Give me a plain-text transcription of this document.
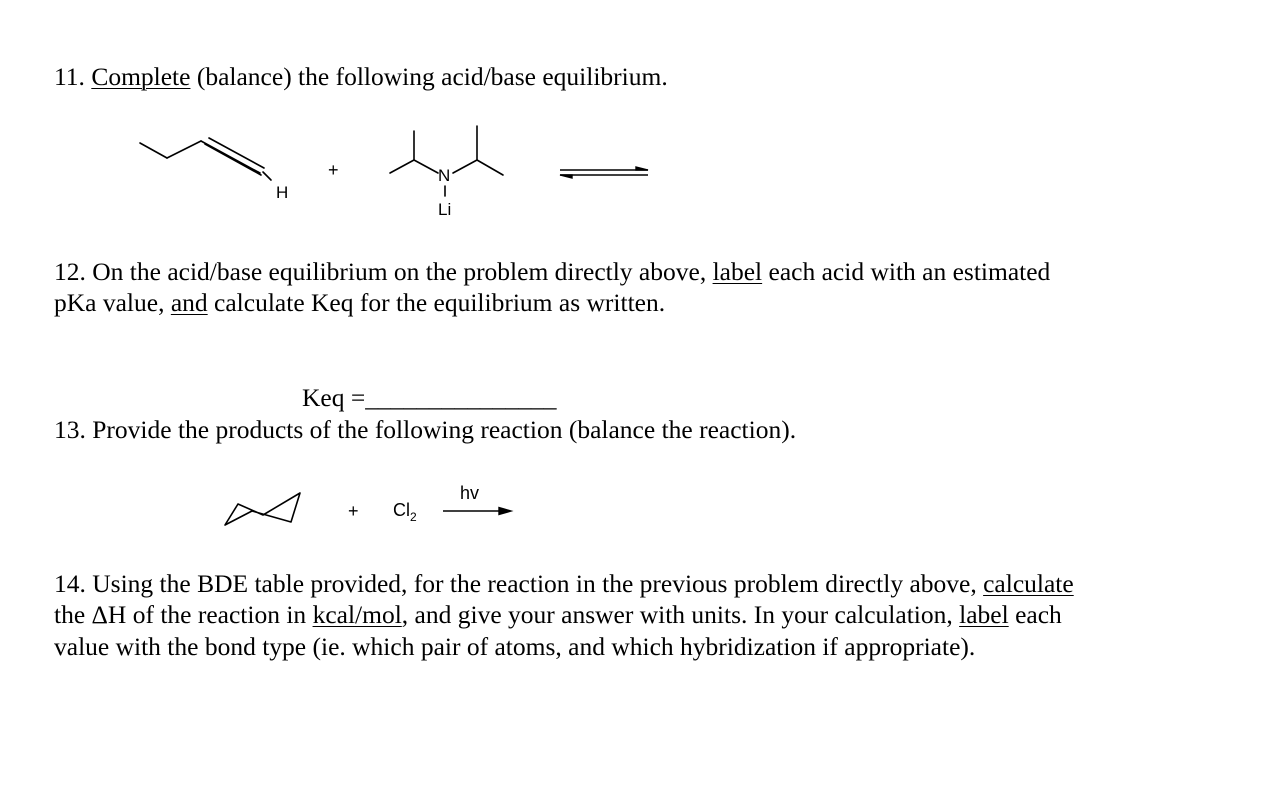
11. Complete (balance) the following acid/base equilibrium.
H
+	N
Li
12. On the acid/base equilibrium on the problem directly above, label each acid with an estimated
pKa value, and calculate Keq for the equilibrium as written.
Keq =_______________
13. Provide the products of the following reaction (balance the reaction).
+ $Cl_2$
hv
14. Using the BDE table provided, for the reaction in the previous problem directly above, calculate
the ΔH of the reaction in kcal/mol, and give your answer with units. In your calculation, label each
value with the bond type (ie. which pair of atoms, and which hybridization if appropriate).
